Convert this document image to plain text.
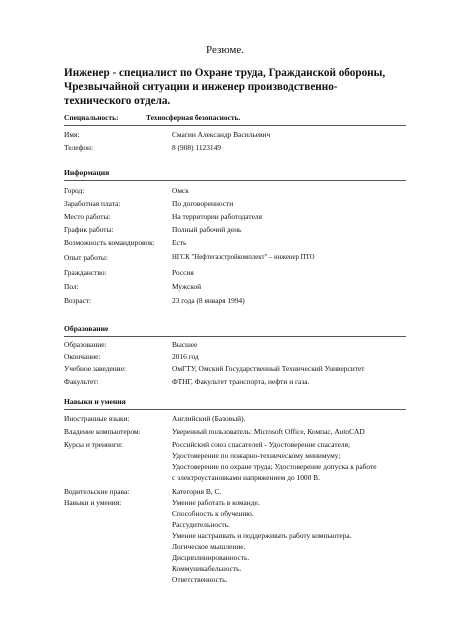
Резюме.
Инженер - специалист по Охране труда, Гражданской обороны,
Чрезвычайной ситуации и инженер производственно-
технического отдела.
Специальность:	Техносферная безопасность.
Имя:	Смагин Александр Васильевич
Телефон:	8 (908) 1123149
Информация
Город:	Омск
Заработная плата:	По договоренности
Место работы:	На территории работодателя
График работы:	Полный рабочий день
Возможность командировок: Есть
Опыт работы:	НГСК "Нефтегазстройкомплект" – инженер ПТО
Гражданство:	Россия
Пол:	Мужской
Возраст:	23 года (8 января 1994)
Образование
Образование:	Высшее
Окончание:	2016 год
Учебное заведение:	ОмГТУ, Омский Государственный Технический Университет
Факультет:	ФТНГ, Факультет транспорта, нефти и газа.
Навыки и умения
Иностранные языки:	Английский (Базовый).
Владение компьютером:	Уверенный пользователь: Microsoft Office, Компас, AutoCAD
Курсы и тренинги:	Российский союз спасателей - Удостоверение спасателя;
Удостоверение по пожарно-техническому минимуму;
Удостоверение по охране труда; Удостоверение допуска к работе
с электроустановками напряжением до 1000 В.
Водительские права:	Категория В, С.
Навыки и умения:	Умение работать в команде.
Способность к обучению.
Рассудительность.
Умение настраивать и поддерживать работу компьютера.
Логическое мышление.
Дисциплинированность.
Коммуникабельность.
Ответственность.
